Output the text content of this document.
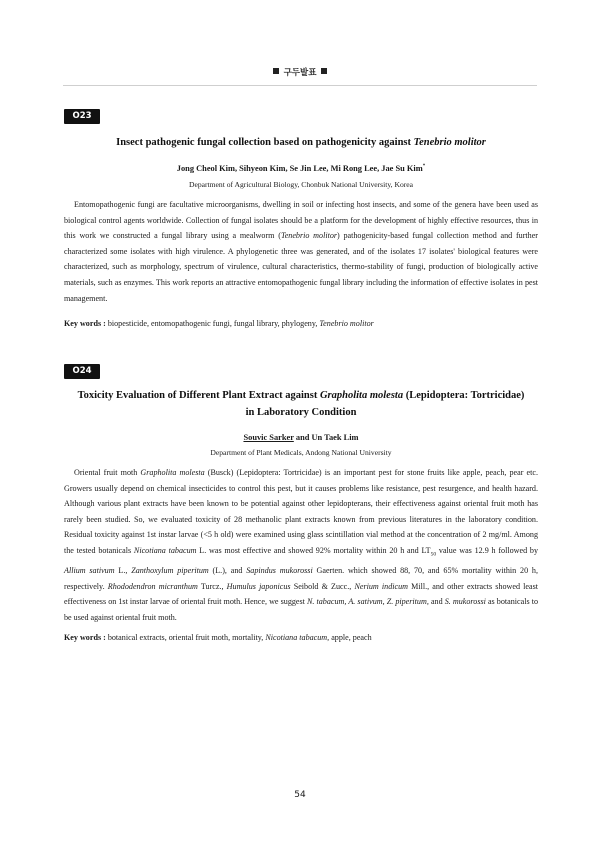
구두발표
O23
Insect pathogenic fungal collection based on pathogenicity against Tenebrio molitor
Jong Cheol Kim, Sihyeon Kim, Se Jin Lee, Mi Rong Lee, Jae Su Kim*
Department of Agricultural Biology, Chonbuk National University, Korea

Entomopathogenic fungi are facultative microorganisms, dwelling in soil or infecting host insects, and some of the genera have been used as biological control agents worldwide. Collection of fungal isolates should be a platform for the development of highly effective resources, thus in this work we constructed a fungal library using a mealworm (Tenebrio molitor) pathogenicity-based fungal collection method and further characterized some isolates with high virulence. A phylogenetic three was generated, and of the isolates 17 isolates' biological features were characterized, such as morphology, spectrum of virulence, cultural characteristics, thermo-stability of fungi, production of biologically active materials, such as enzymes. This work reports an attractive entomopathogenic fungal library including the information of effective isolates in pest management.

Key words : biopesticide, entomopathogenic fungi, fungal library, phylogeny, Tenebrio molitor
O24
Toxicity Evaluation of Different Plant Extract against Grapholita molesta (Lepidoptera: Tortricidae)
in Laboratory Condition
Souvic Sarker and Un Taek Lim
Department of Plant Medicals, Andong National University

Oriental fruit moth Grapholita molesta (Busck) (Lepidoptera: Tortricidae) is an important pest for stone fruits like apple, peach, pear etc. Growers usually depend on chemical insecticides to control this pest, but it causes problems like resistance, pest resurgence, and health hazard. Although various plant extracts have been known to be potential against other lepidopterans, their effectiveness against oriental fruit moth has rarely been studied. So, we evaluated toxicity of 28 methanolic plant extracts known from previous literatures in the laboratory condition. Residual toxicity against 1st instar larvae (<5 h old) were examined using glass scintillation vial method at the concentration of 2 mg/ml. Among the tested botanicals Nicotiana tabacum L. was most effective and showed 92% mortality within 20 h and $LT_{50}$ value was 12.9 h followed by Allium sativum L., Zanthoxylum piperitum (L.), and Sapindus mukorossi Gaerten. which showed 88, 70, and 65% mortality within 20 h, respectively. Rhododendron micranthum Turcz., Humulus japonicus Seibold & Zucc., Nerium indicum Mill., and other extracts showed least effectiveness on 1st instar larvae of oriental fruit moth. Hence, we suggest N. tabacum, A. sativum, Z. piperitum, and S. mukorossi as botanicals to be used against oriental fruit moth.

Key words : botanical extracts, oriental fruit moth, mortality, Nicotiana tabacum, apple, peach
54
